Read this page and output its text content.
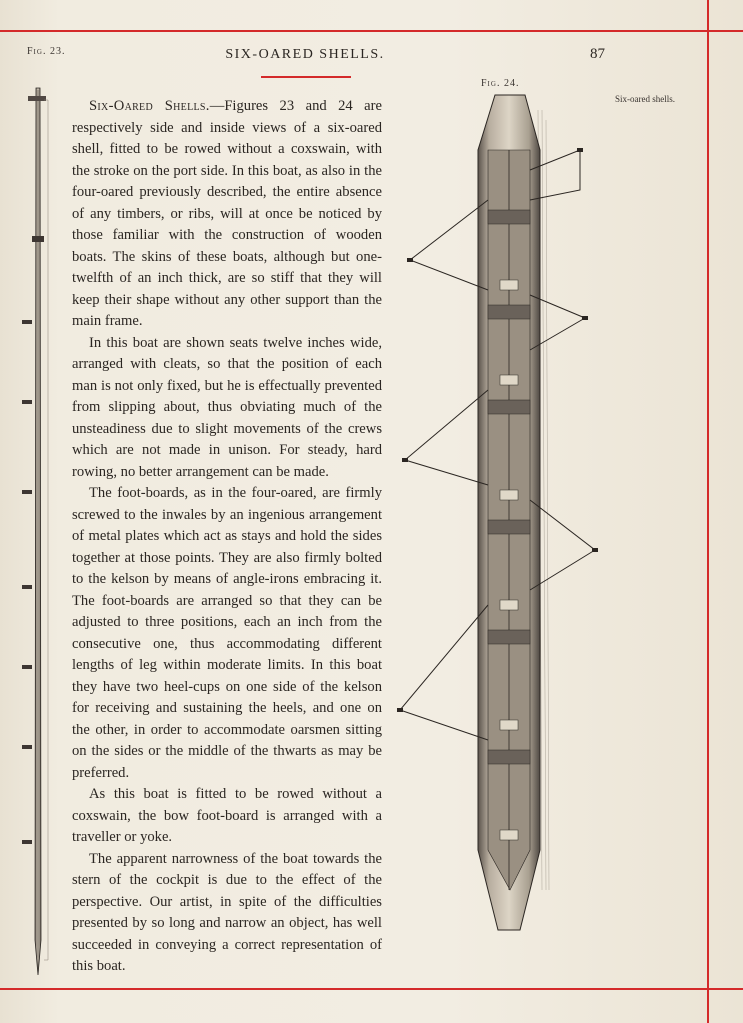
Fig. 23.	SIX-OARED SHELLS.	87
Fig. 24.
Six-oared shells.

Six-Oared Shells.—Figures 23 and 24 are respectively side and inside views of a six-oared shell, fitted to be rowed without a coxswain, with the stroke on the port side. In this boat, as also in the four-oared previously described, the entire absence of any timbers, or ribs, will at once be noticed by those familiar with the construction of wooden boats. The skins of these boats, although but one-twelfth of an inch thick, are so stiff that they will keep their shape without any other support than the main frame.

In this boat are shown seats twelve inches wide, arranged with cleats, so that the position of each man is not only fixed, but he is effectually prevented from slipping about, thus obviating much of the unsteadiness due to slight movements of the crews which are not made in unison. For steady, hard rowing, no better arrangement can be made.

The foot-boards, as in the four-oared, are firmly screwed to the inwales by an ingenious arrangement of metal plates which act as stays and hold the sides together at those points. They are also firmly bolted to the kelson by means of angle-irons embracing it. The foot-boards are arranged so that they can be adjusted to three positions, each an inch from the consecutive one, thus accommodating different lengths of leg within moderate limits. In this boat they have two heel-cups on one side of the kelson for receiving and sustaining the heels, and one on the other, in order to accommodate oarsmen sitting on the sides or the middle of the thwarts as may be preferred.

As this boat is fitted to be rowed without a coxswain, the bow foot-board is arranged with a traveller or yoke.

The apparent narrowness of the boat towards the stern of the cockpit is due to the effect of the perspective. Our artist, in spite of the difficulties presented by so long and narrow an object, has well succeeded in conveying a correct representation of this boat.
